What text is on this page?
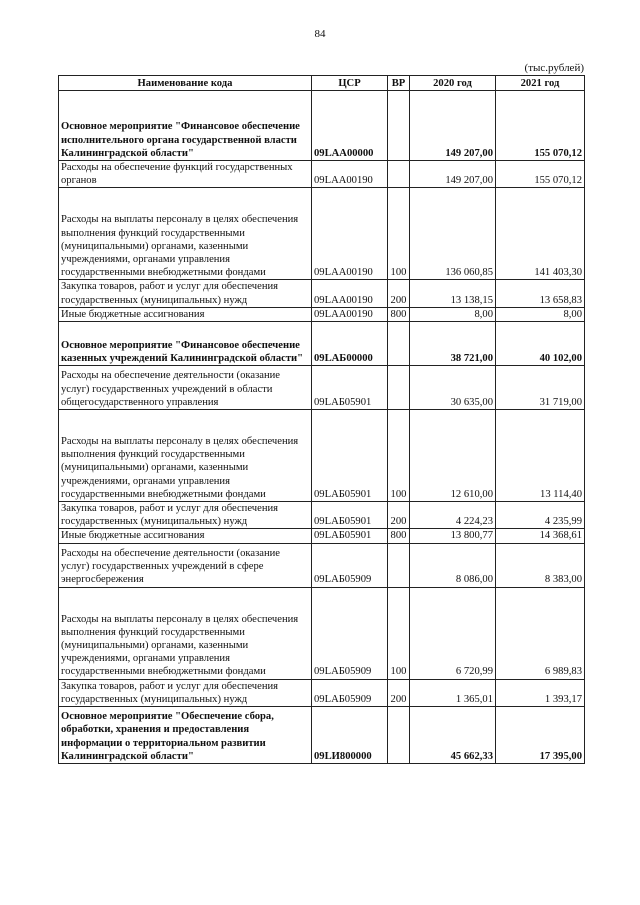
84
(тыс.рублей)
Наименование кода	ЦСР	ВР	2020 год	2021 год
Основное мероприятие "Финансовое обеспечение исполнительного органа государственной власти Калининградской области"	09LAA00000		149 207,00	155 070,12
Расходы на обеспечение функций государственных органов	09LAA00190		149 207,00	155 070,12
Расходы на выплаты персоналу в целях обеспечения выполнения функций государственными (муниципальными) органами, казенными учреждениями, органами управления государственными внебюджетными фондами	09LAA00190	100	136 060,85	141 403,30
Закупка товаров, работ и услуг для обеспечения государственных (муниципальных) нужд	09LAA00190	200	13 138,15	13 658,83
Иные бюджетные ассигнования	09LAA00190	800	8,00	8,00
Основное мероприятие "Финансовое обеспечение казенных учреждений Калининградской области"	09LAБ00000		38 721,00	40 102,00
Расходы на обеспечение деятельности (оказание услуг) государственных учреждений в области общегосударственного управления	09LAБ05901		30 635,00	31 719,00
Расходы на выплаты персоналу в целях обеспечения выполнения функций государственными (муниципальными) органами, казенными учреждениями, органами управления государственными внебюджетными фондами	09LAБ05901	100	12 610,00	13 114,40
Закупка товаров, работ и услуг для обеспечения государственных (муниципальных) нужд	09LAБ05901	200	4 224,23	4 235,99
Иные бюджетные ассигнования	09LAБ05901	800	13 800,77	14 368,61
Расходы на обеспечение деятельности (оказание услуг) государственных учреждений в сфере энергосбережения	09LAБ05909		8 086,00	8 383,00
Расходы на выплаты персоналу в целях обеспечения выполнения функций государственными (муниципальными) органами, казенными учреждениями, органами управления государственными внебюджетными фондами	09LAБ05909	100	6 720,99	6 989,83
Закупка товаров, работ и услуг для обеспечения государственных (муниципальных) нужд	09LAБ05909	200	1 365,01	1 393,17
Основное мероприятие "Обеспечение сбора, обработки, хранения и предоставления информации о территориальном развитии Калининградской области"	09LИ800000		45 662,33	17 395,00
